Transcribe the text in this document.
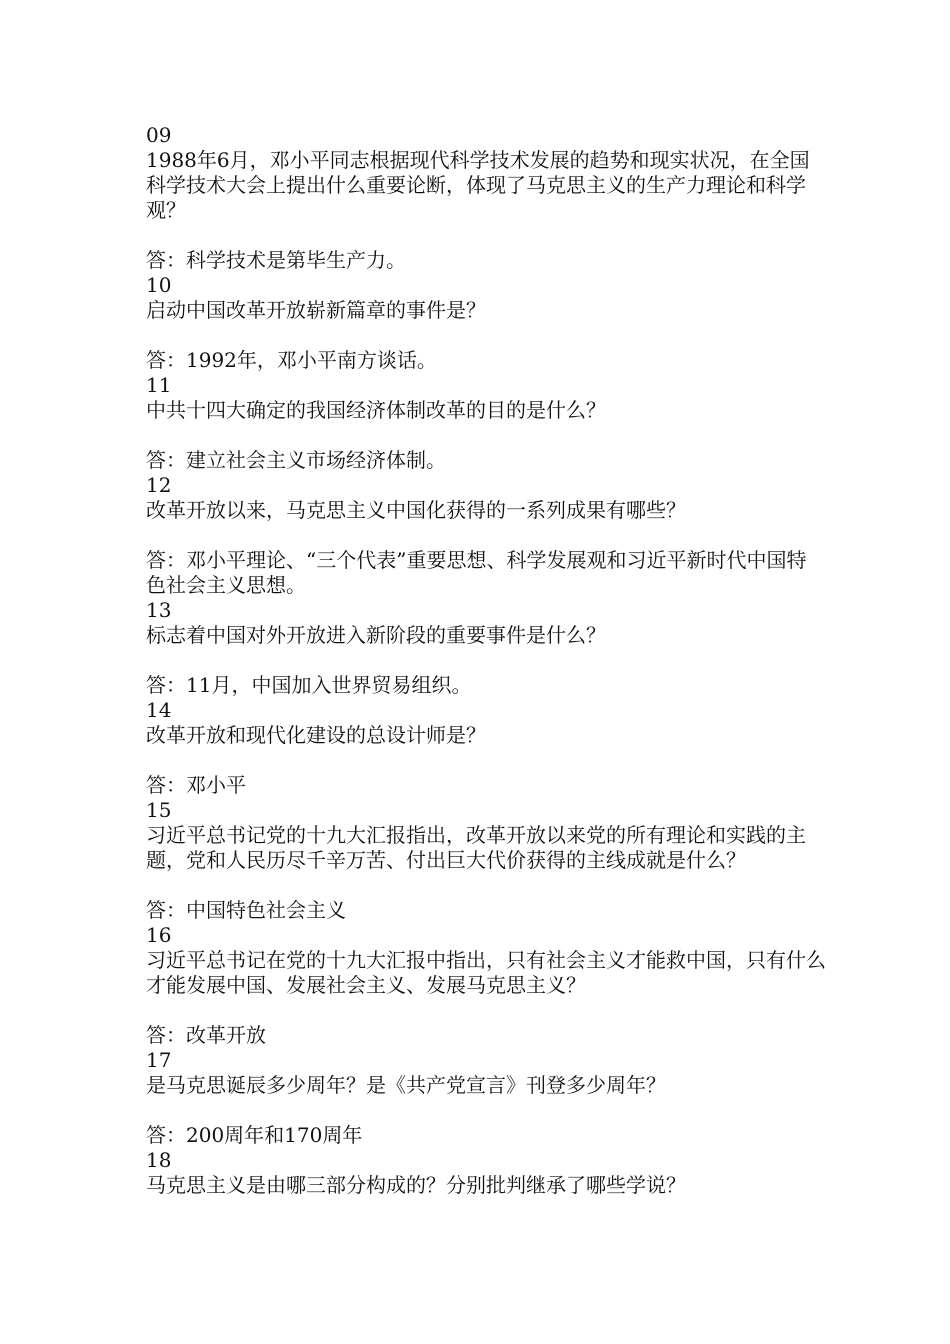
09

1988年6月，邓小平同志根据现代科学技术发展的趋势和现实状况，在全国科学技术大会上提出什么重要论断，体现了马克思主义的生产力理论和科学观？

答：科学技术是第毕生产力。

10

启动中国改革开放崭新篇章的事件是？

答：1992年，邓小平南方谈话。

11

中共十四大确定的我国经济体制改革的目的是什么？

答：建立社会主义市场经济体制。

12

改革开放以来，马克思主义中国化获得的一系列成果有哪些？

答：邓小平理论、“三个代表”重要思想、科学发展观和习近平新时代中国特色社会主义思想。

13

标志着中国对外开放进入新阶段的重要事件是什么？

答：11月，中国加入世界贸易组织。

14

改革开放和现代化建设的总设计师是？

答：邓小平

15

习近平总书记党的十九大汇报指出，改革开放以来党的所有理论和实践的主题，党和人民历尽千辛万苦、付出巨大代价获得的主线成就是什么？

答：中国特色社会主义

16

习近平总书记在党的十九大汇报中指出，只有社会主义才能救中国，只有什么才能发展中国、发展社会主义、发展马克思主义？

答：改革开放

17

是马克思诞辰多少周年？是《共产党宣言》刊登多少周年？

答：200周年和170周年

18

马克思主义是由哪三部分构成的？分别批判继承了哪些学说？
